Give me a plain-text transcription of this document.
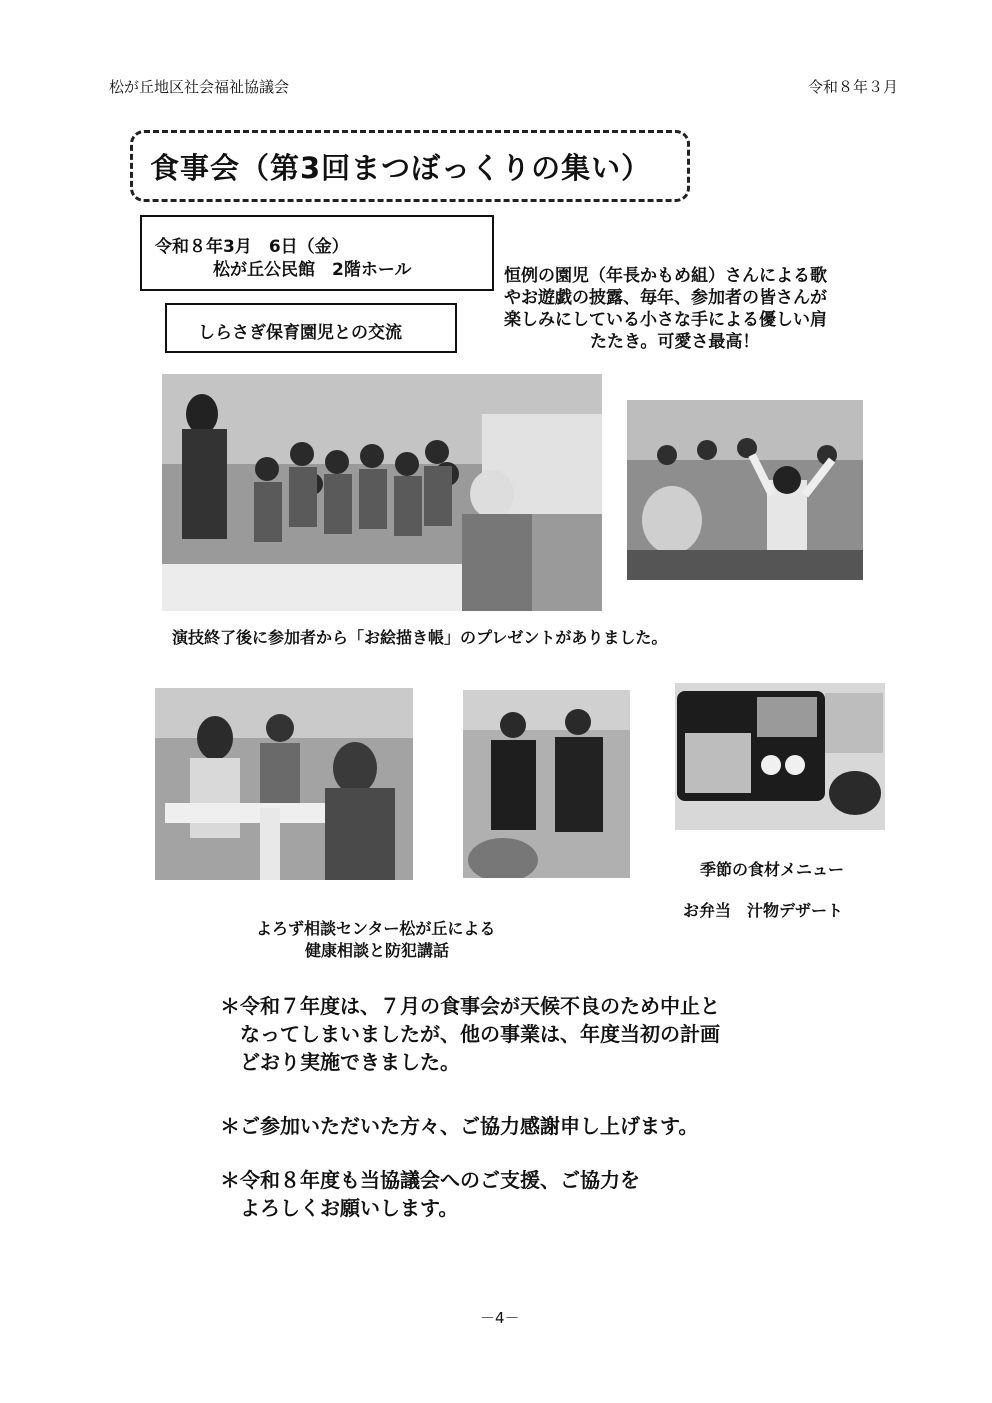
松が丘地区社会福祉協議会	令和８年３月
食事会（第3回まつぼっくりの集い）
令和８年3月　6日（金）
松が丘公民館　2階ホール
しらさぎ保育園児との交流
恒例の園児（年長かもめ組）さんによる歌
やお遊戯の披露、毎年、参加者の皆さんが
楽しみにしている小さな手による優しい肩
たたき。可愛さ最高！
演技終了後に参加者から「お絵描き帳」のプレゼントがありました。
季節の食材メニュー
お弁当　汁物デザート
よろず相談センター松が丘による
健康相談と防犯講話
＊令和７年度は、７月の食事会が天候不良のため中止と
なってしまいましたが、他の事業は、年度当初の計画
どおり実施できました。
＊ご参加いただいた方々、ご協力感謝申し上げます。
＊令和８年度も当協議会へのご支援、ご協力を
よろしくお願いします。
－4－
